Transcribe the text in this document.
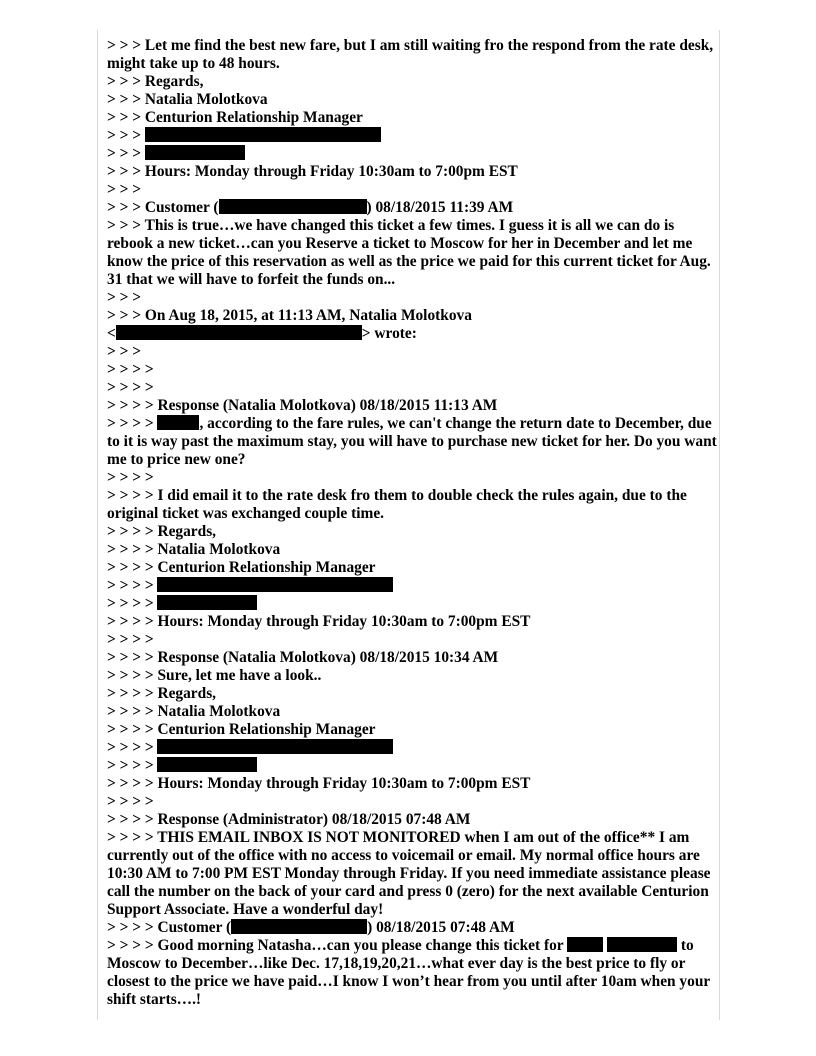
> > > Let me find the best new fare, but I am still waiting fro the respond from the rate desk, might take up to 48 hours.
> > > Regards,
> > > Natalia Molotkova
> > > Centurion Relationship Manager
> > >
> > >
> > > Hours: Monday through Friday 10:30am to 7:00pm EST
> > >
> > > Customer (	) 08/18/2015 11:39 AM
> > > This is true…we have changed this ticket a few times. I guess it is all we can do is rebook a new ticket…can you Reserve a ticket to Moscow for her in December and let me know the price of this reservation as well as the price we paid for this current ticket for Aug. 31 that we will have to forfeit the funds on...
> > >
> > > On Aug 18, 2015, at 11:13 AM, Natalia Molotkova
<	> wrote:
> > >
> > > >
> > > >
> > > > Response (Natalia Molotkova) 08/18/2015 11:13 AM
> > > >	, according to the fare rules, we can't change the return date to December, due to it is way past the maximum stay, you will have to purchase new ticket for her. Do you want me to price new one?
> > > >
> > > > I did email it to the rate desk fro them to double check the rules again, due to the original ticket was exchanged couple time.
> > > > Regards,
> > > > Natalia Molotkova
> > > > Centurion Relationship Manager
> > > >
> > > >
> > > > Hours: Monday through Friday 10:30am to 7:00pm EST
> > > >
> > > > Response (Natalia Molotkova) 08/18/2015 10:34 AM
> > > > Sure, let me have a look..
> > > > Regards,
> > > > Natalia Molotkova
> > > > Centurion Relationship Manager
> > > >
> > > >
> > > > Hours: Monday through Friday 10:30am to 7:00pm EST
> > > >
> > > > Response (Administrator) 08/18/2015 07:48 AM
> > > > THIS EMAIL INBOX IS NOT MONITORED when I am out of the office** I am currently out of the office with no access to voicemail or email. My normal office hours are 10:30 AM to 7:00 PM EST Monday through Friday. If you need immediate assistance please call the number on the back of your card and press 0 (zero) for the next available Centurion Support Associate. Have a wonderful day!
> > > > Customer (	) 08/18/2015 07:48 AM
> > > > Good morning Natasha…can you please change this ticket for	to Moscow to December…like Dec. 17,18,19,20,21…what ever day is the best price to fly or closest to the price we have paid…I know I won’t hear from you until after 10am when your shift starts….!
